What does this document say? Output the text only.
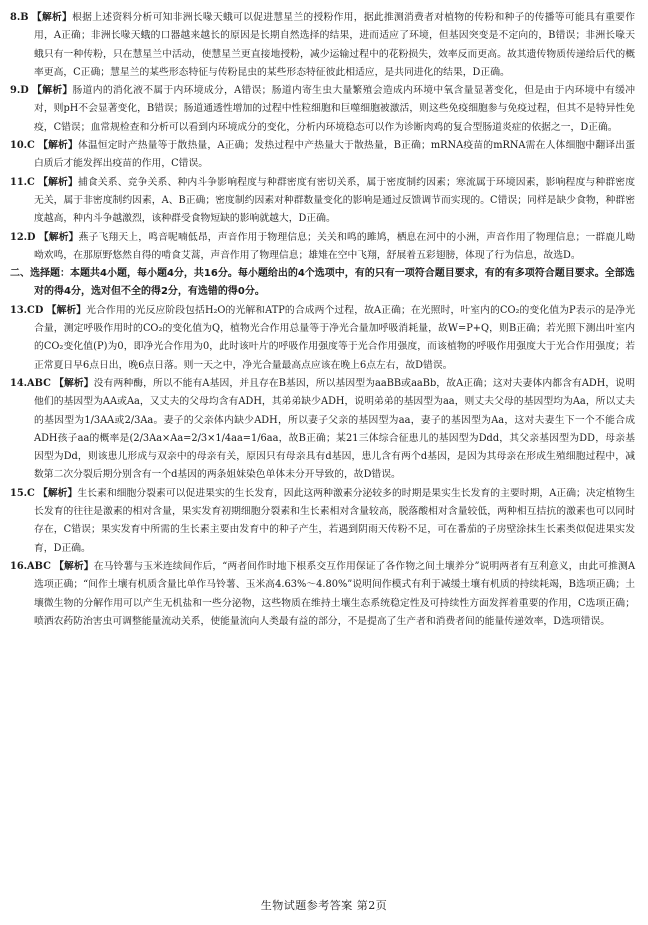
8.B 【解析】根据上述资料分析可知非洲长喙天蛾可以促进慧星兰的授粉作用，据此推测消费者对植物的传粉和种子的传播等可能具有重要作用，A正确；非洲长喙天蛾的口器越来越长的原因是长期自然选择的结果，进而适应了环境，但基因突变是不定向的，B错误；非洲长喙天蛾只有一种传粉，只在慧星兰中活动，使慧星兰更直接地授粉，减少运输过程中的花粉损失，效率反而更高。故其遗传物质传递给后代的概率更高，C正确；慧星兰的某些形态特征与传粉昆虫的某些形态特征彼此相适应，是共同进化的结果，D正确。

9.D 【解析】肠道内的消化液不属于内环境成分，A错误；肠道内寄生虫大量繁殖会造成内环境中氧含量显著变化，但是由于内环境中有缓冲对，则pH不会显著变化，B错误；肠道通透性增加的过程中性粒细胞和巨噬细胞被激活，则这些免疫细胞参与免疫过程，但其不是特异性免疫，C错误；血常规检查和分析可以看到内环境成分的变化，分析内环境稳态可以作为诊断肉鸡的复合型肠道炎症的依据之一，D正确。

10.C 【解析】体温恒定时产热量等于散热量，A正确；发热过程中产热量大于散热量，B正确；mRNA疫苗的mRNA需在人体细胞中翻译出蛋白质后才能发挥出疫苗的作用，C错误。

11.C 【解析】捕食关系、竞争关系、种内斗争影响程度与种群密度有密切关系，属于密度制约因素；寒流属于环境因素，影响程度与种群密度无关，属于非密度制约因素，A、B正确；密度制约因素对种群数量变化的影响是通过反馈调节而实现的。C错误；同样是缺少食物，种群密度越高，种内斗争越激烈，该种群受食物短缺的影响就越大，D正确。

12.D 【解析】燕子飞翔天上，鸣音呢喃低昂，声音作用于物理信息；关关和鸣的雎鸠，栖息在河中的小洲，声音作用了物理信息；一群鹿儿呦呦欢鸣，在那原野悠然自得的啃食艾蒿，声音作用了物理信息；雄雉在空中飞翔，舒展着五彩翅膀，体现了行为信息，故选D。

二、选择题：本题共4小题，每小题4分，共16分。每小题给出的4个选项中，有的只有一项符合题目要求，有的有多项符合题目要求。全部选对的得4分，选对但不全的得2分，有选错的得0分。

13.CD 【解析】光合作用的光反应阶段包括H₂O的光解和ATP的合成两个过程，故A正确；在光照时，叶室内的CO₂的变化值为P表示的是净光合量，测定呼吸作用时的CO₂的变化值为Q，植物光合作用总量等于净光合量加呼吸消耗量，故W=P+Q，则B正确；若光照下测出叶室内的CO₂变化值(P)为0，即净光合作用为0，此时该叶片的呼吸作用强度等于光合作用强度，而该植物的呼吸作用强度大于光合作用强度；若正常夏日早6点日出，晚6点日落。则一天之中，净光合量最高点应该在晚上6点左右，故D错误。

14.ABC 【解析】没有两种酶，所以不能有A基因，并且存在B基因，所以基因型为aaBB或aaBb，故A正确；这对夫妻体内都含有ADH，说明他们的基因型为AA或Aa，又丈夫的父母均含有ADH，其弟弟缺少ADH，说明弟弟的基因型为aa，则丈夫父母的基因型均为Aa，所以丈夫的基因型为1/3AA或2/3Aa。妻子的父亲体内缺少ADH，所以妻子父亲的基因型为aa，妻子的基因型为Aa，这对夫妻生下一个不能合成ADH孩子aa的概率是(2/3Aa×Aa=2/3×1/4aa=1/6aa，故B正确；某21三体综合征患儿的基因型为Ddd，其父亲基因型为DD，母亲基因型为Dd，则该患儿形成与双亲中的母亲有关，原因只有母亲具有d基因，患儿含有两个d基因，是因为其母亲在形成生殖细胞过程中，减数第二次分裂后期分别含有一个d基因的两条姐妹染色单体未分开导致的，故D错误。

15.C 【解析】生长素和细胞分裂素可以促进果实的生长发育，因此这两种激素分泌较多的时期是果实生长发育的主要时期，A正确；决定植物生长发育的往往是激素的相对含量，果实发育初期细胞分裂素和生长素相对含量较高，脱落酸相对含量较低，两种相互拮抗的激素也可以同时存在，C错误；果实发育中所需的生长素主要由发育中的种子产生，若遇到阴雨天传粉不足，可在番茄的子房壁涂抹生长素类似促进果实发育，D正确。

16.ABC 【解析】在马铃薯与玉米连续间作后，“两者间作时地下根系交互作用保证了各作物之间土壤养分”说明两者有互利意义，由此可推测A选项正确；“间作土壤有机质含量比单作马铃薯、玉米高4.63%～4.80%”说明间作模式有利于减缓土壤有机质的持续耗竭，B选项正确；土壤微生物的分解作用可以产生无机盐和一些分泌物，这些物质在维持土壤生态系统稳定性及可持续性方面发挥着重要的作用，C选项正确；喷洒农药防治害虫可调整能量流动关系，使能量流向人类最有益的部分，不是提高了生产者和消费者间的能量传递效率，D选项错误。

生物试题参考答案 第2页
